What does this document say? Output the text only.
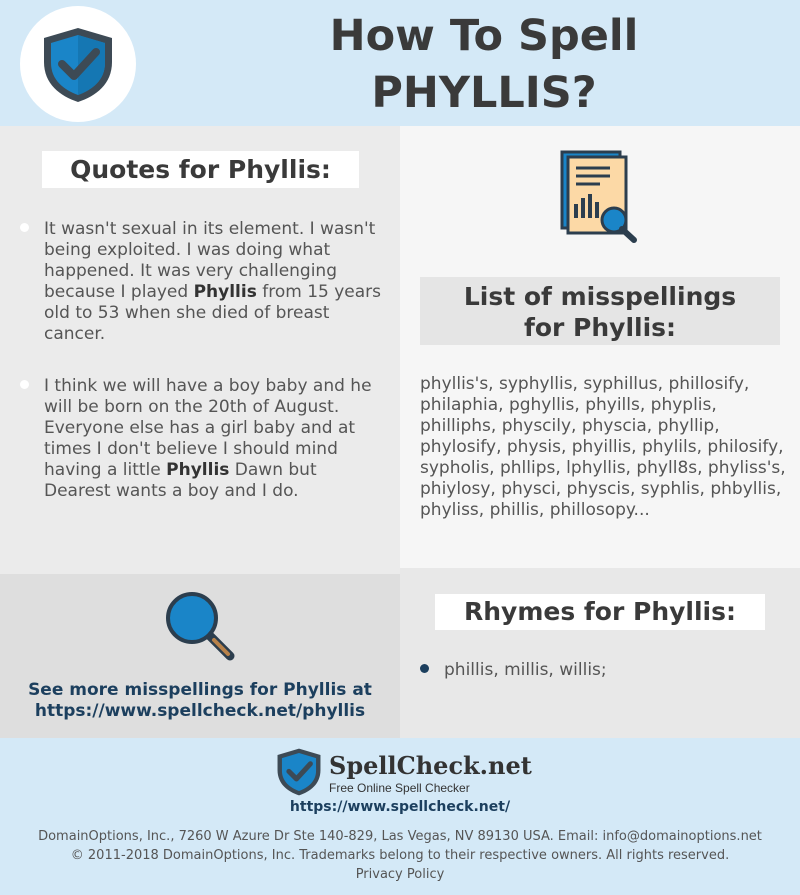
How To Spell
PHYLLIS?
Quotes for Phyllis:
It wasn't sexual in its element. I wasn't being exploited. I was doing what happened. It was very challenging because I played Phyllis from 15 years old to 53 when she died of breast cancer.
I think we will have a boy baby and he will be born on the 20th of August. Everyone else has a girl baby and at times I don't believe I should mind having a little Phyllis Dawn but Dearest wants a boy and I do.
List of misspellings
for Phyllis:
phyllis's, syphyllis, syphillus, phillosify, philaphia, pghyllis, phyills, phyplis, philliphs, physcily, physcia, phyllip, phylosify, physis, phyillis, phylils, philosify, sypholis, phllips, lphyllis, phyll8s, phyliss's, phiylosy, physci, physcis, syphlis, phbyllis, phyliss, phillis, phillosopy...
See more misspellings for Phyllis at
https://www.spellcheck.net/phyllis
Rhymes for Phyllis:
phillis, millis, willis;
SpellCheck.net
Free Online Spell Checker
https://www.spellcheck.net/
DomainOptions, Inc., 7260 W Azure Dr Ste 140-829, Las Vegas, NV 89130 USA. Email: info@domainoptions.net
© 2011-2018 DomainOptions, Inc. Trademarks belong to their respective owners. All rights reserved.
Privacy Policy
